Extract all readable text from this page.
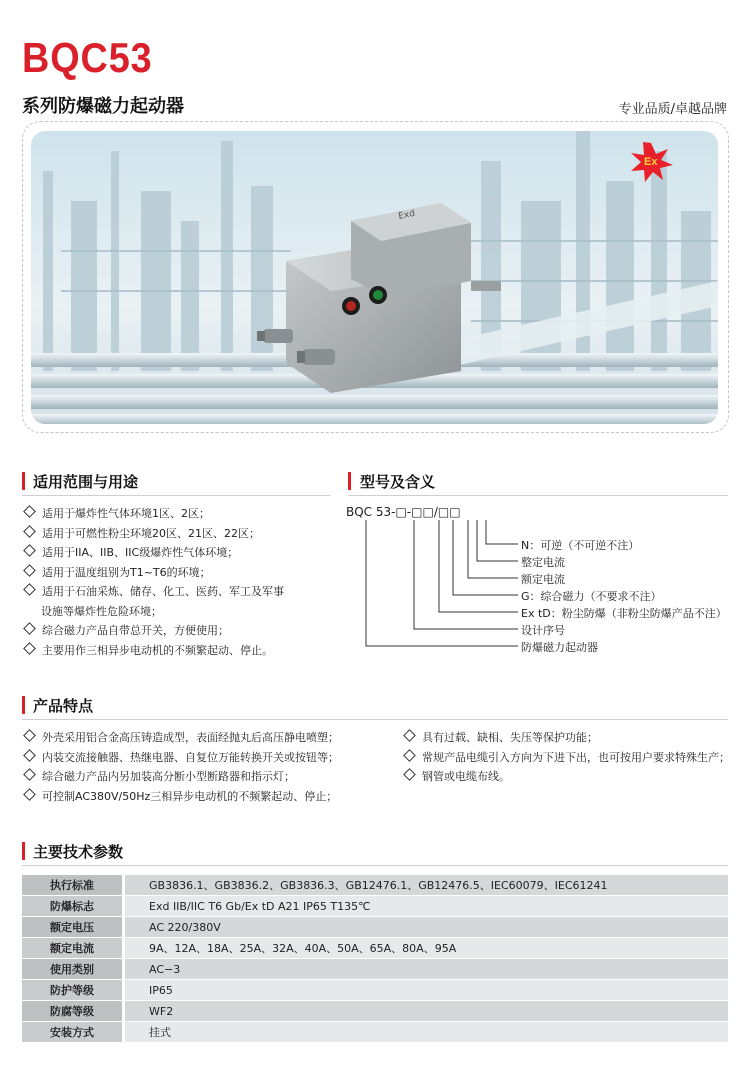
BQC53
系列防爆磁力起动器	专业品质/卓越品牌
Exd
Ex
适用范围与用途
适用于爆炸性气体环境1区、2区；
适用于可燃性粉尘环境20区、21区、22区；
适用于IIA、IIB、IIC级爆炸性气体环境；
适用于温度组别为T1~T6的环境；
适用于石油采炼、储存、化工、医药、军工及军事
设施等爆炸性危险环境；
综合磁力产品自带总开关，方便使用；
主要用作三相异步电动机的不频繁起动、停止。
型号及含义
BQC 53-□-□□/□□
N：可逆（不可逆不注）
整定电流
额定电流
G：综合磁力（不要求不注）
Ex tD：粉尘防爆（非粉尘防爆产品不注）
设计序号
防爆磁力起动器
产品特点
外壳采用铝合金高压铸造成型，表面经抛丸后高压静电喷塑；
内装交流接触器、热继电器、自复位万能转换开关或按钮等；
综合磁力产品内另加装高分断小型断路器和指示灯；
可控制AC380V/50Hz三相异步电动机的不频繁起动、停止；
具有过载、缺相、失压等保护功能；
常规产品电缆引入方向为下进下出，也可按用户要求特殊生产；
钢管或电缆布线。
主要技术参数
执行标准	GB3836.1、GB3836.2、GB3836.3、GB12476.1、GB12476.5、IEC60079、IEC61241
防爆标志	Exd IIB/IIC T6 Gb/Ex tD A21 IP65 T135℃
额定电压	AC 220/380V
额定电流	9A、12A、18A、25A、32A、40A、50A、65A、80A、95A
使用类别	AC−3
防护等级	IP65
防腐等级	WF2
安装方式	挂式
